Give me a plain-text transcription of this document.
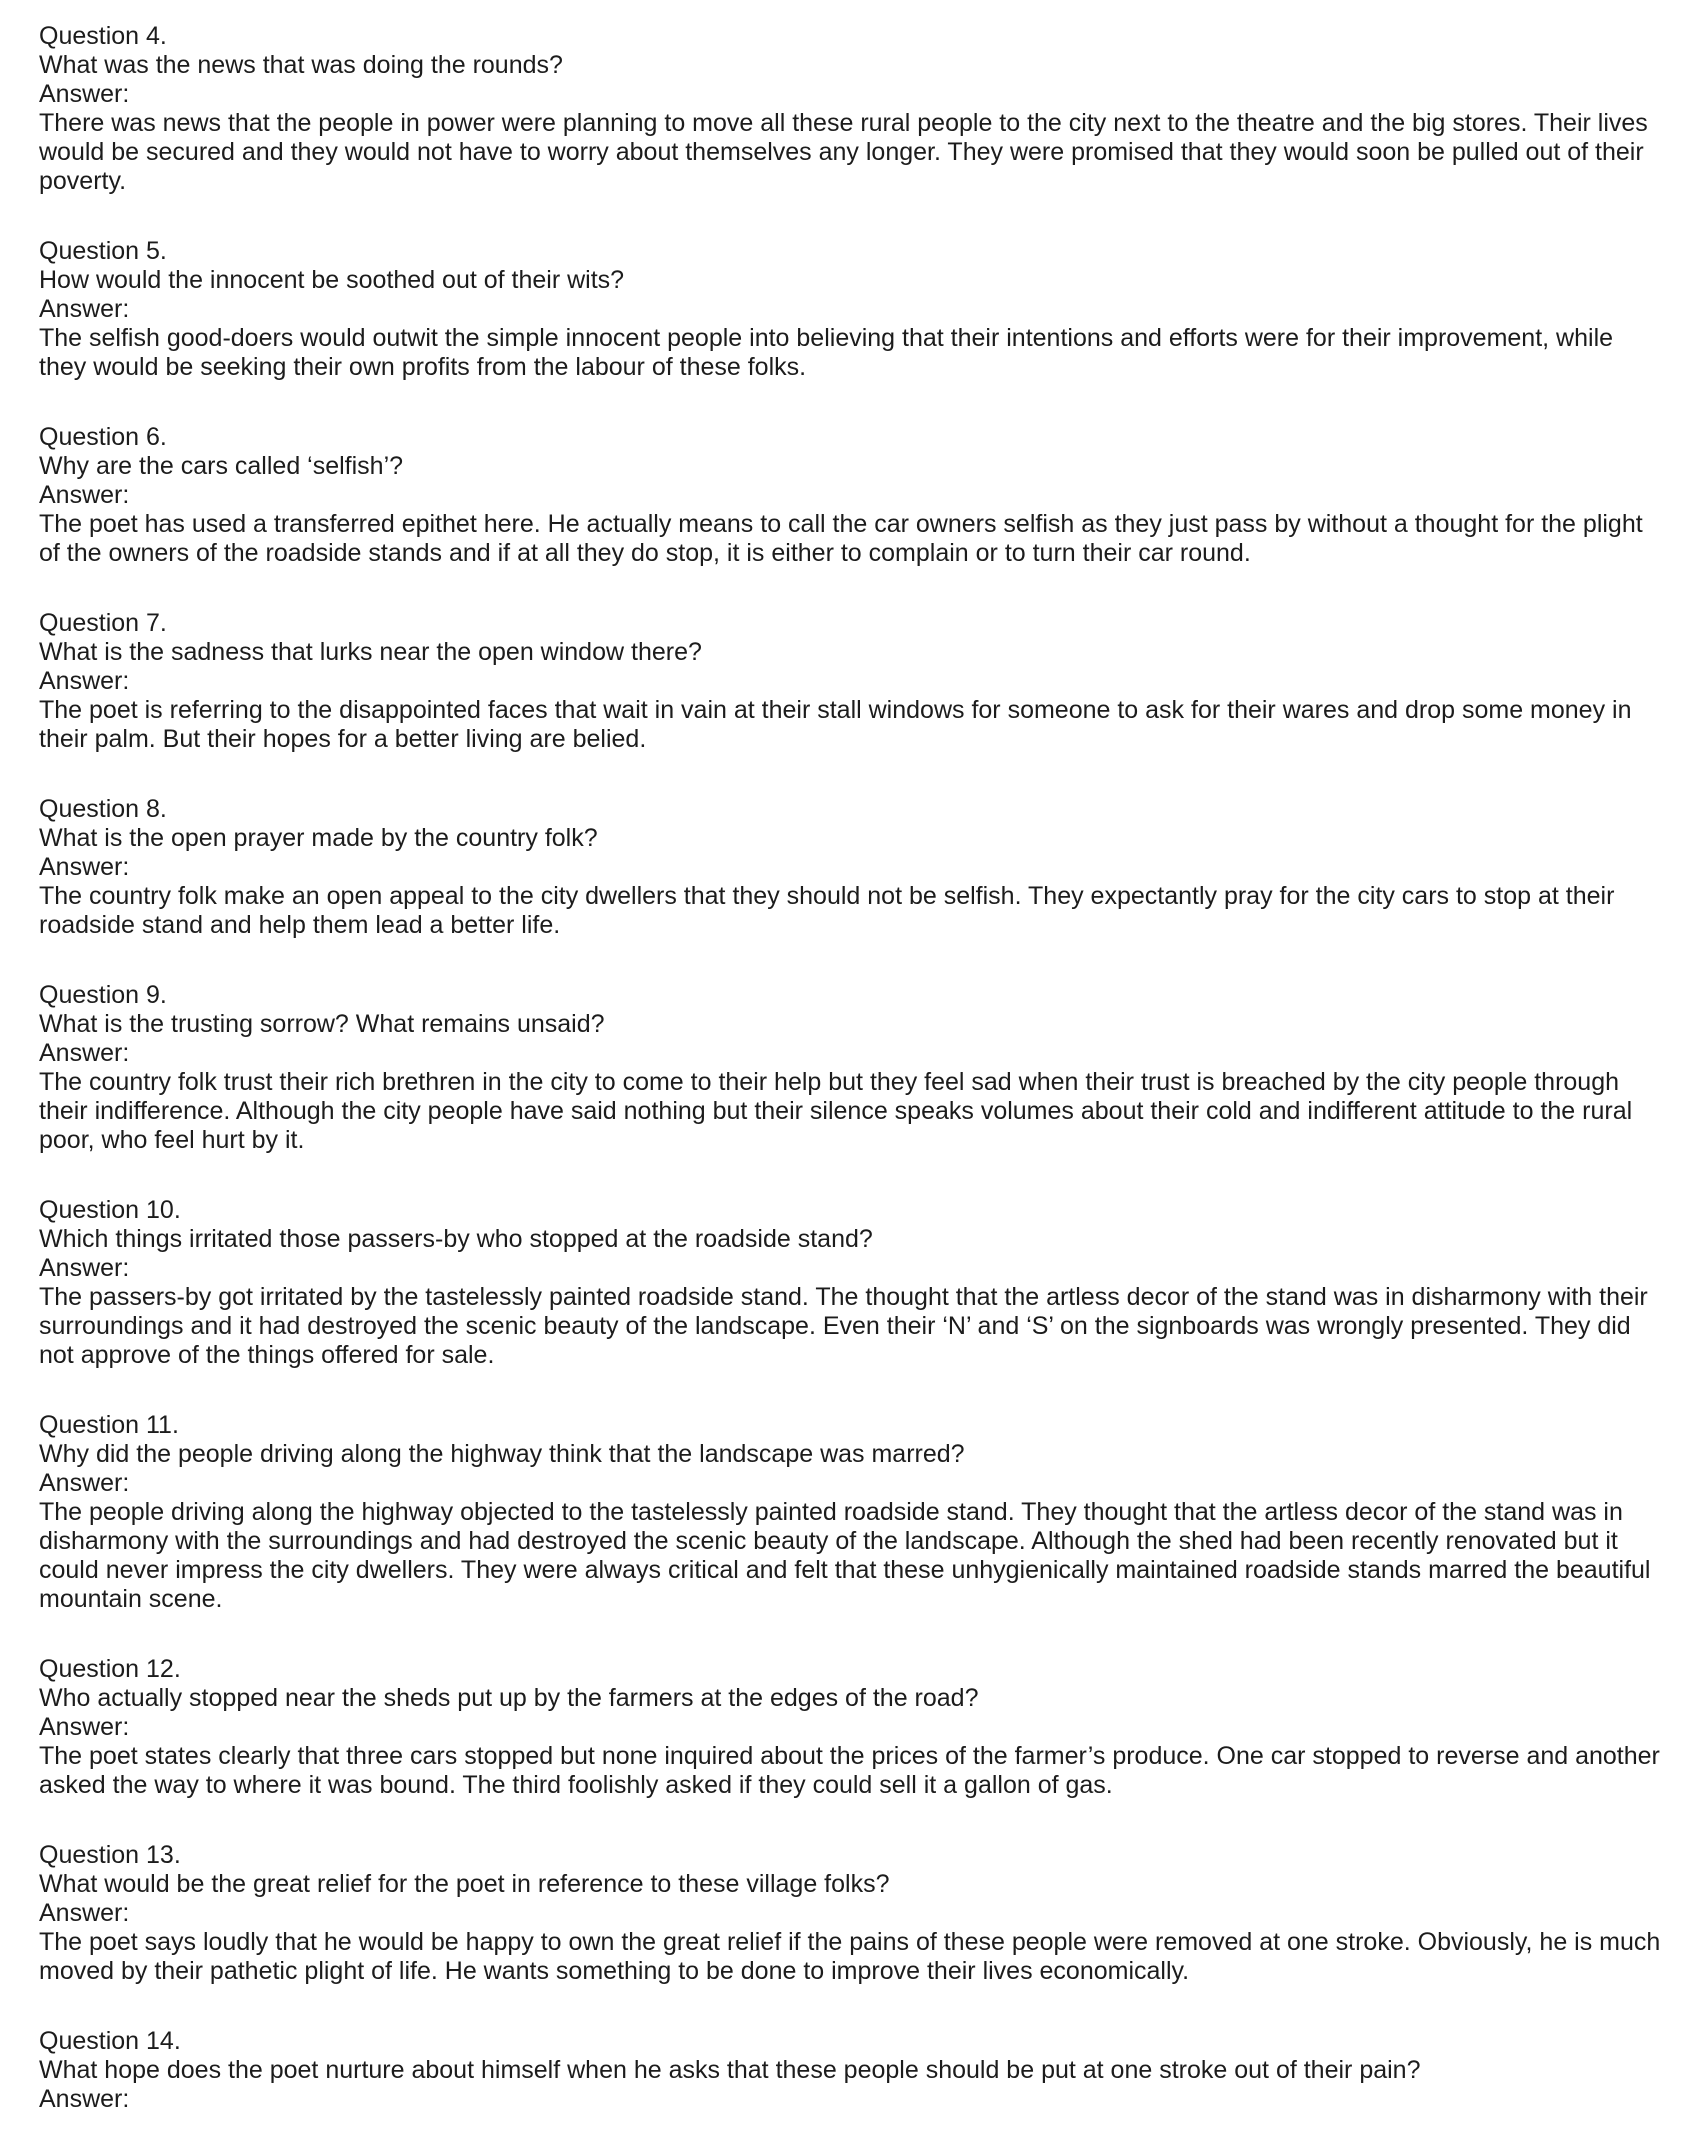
Question 4.

What was the news that was doing the rounds?

Answer:

There was news that the people in power were planning to move all these rural people to the city next to the theatre and the big stores. Their lives would be secured and they would not have to worry about themselves any longer. They were promised that they would soon be pulled out of their poverty.

Question 5.

How would the innocent be soothed out of their wits?

Answer:

The selfish good-doers would outwit the simple innocent people into believing that their intentions and efforts were for their improvement, while they would be seeking their own profits from the labour of these folks.

Question 6.

Why are the cars called ‘selfish’?

Answer:

The poet has used a transferred epithet here. He actually means to call the car owners selfish as they just pass by without a thought for the plight of the owners of the roadside stands and if at all they do stop, it is either to complain or to turn their car round.

Question 7.

What is the sadness that lurks near the open window there?

Answer:

The poet is referring to the disappointed faces that wait in vain at their stall windows for someone to ask for their wares and drop some money in their palm. But their hopes for a better living are belied.

Question 8.

What is the open prayer made by the country folk?

Answer:

The country folk make an open appeal to the city dwellers that they should not be selfish. They expectantly pray for the city cars to stop at their roadside stand and help them lead a better life.

Question 9.

What is the trusting sorrow? What remains unsaid?

Answer:

The country folk trust their rich brethren in the city to come to their help but they feel sad when their trust is breached by the city people through their indifference. Although the city people have said nothing but their silence speaks volumes about their cold and indifferent attitude to the rural poor, who feel hurt by it.

Question 10.

Which things irritated those passers-by who stopped at the roadside stand?

Answer:

The passers-by got irritated by the tastelessly painted roadside stand. The thought that the artless decor of the stand was in disharmony with their surroundings and it had destroyed the scenic beauty of the landscape. Even their ‘N’ and ‘S’ on the signboards was wrongly presented. They did not approve of the things offered for sale.

Question 11.

Why did the people driving along the highway think that the landscape was marred?

Answer:

The people driving along the highway objected to the tastelessly painted roadside stand. They thought that the artless decor of the stand was in disharmony with the surroundings and had destroyed the scenic beauty of the landscape. Although the shed had been recently renovated but it could never impress the city dwellers. They were always critical and felt that these unhygienically maintained roadside stands marred the beautiful mountain scene.

Question 12.

Who actually stopped near the sheds put up by the farmers at the edges of the road?

Answer:

The poet states clearly that three cars stopped but none inquired about the prices of the farmer’s produce. One car stopped to reverse and another asked the way to where it was bound. The third foolishly asked if they could sell it a gallon of gas.

Question 13.

What would be the great relief for the poet in reference to these village folks?

Answer:

The poet says loudly that he would be happy to own the great relief if the pains of these people were removed at one stroke. Obviously, he is much moved by their pathetic plight of life. He wants something to be done to improve their lives economically.

Question 14.

What hope does the poet nurture about himself when he asks that these people should be put at one stroke out of their pain?

Answer:
